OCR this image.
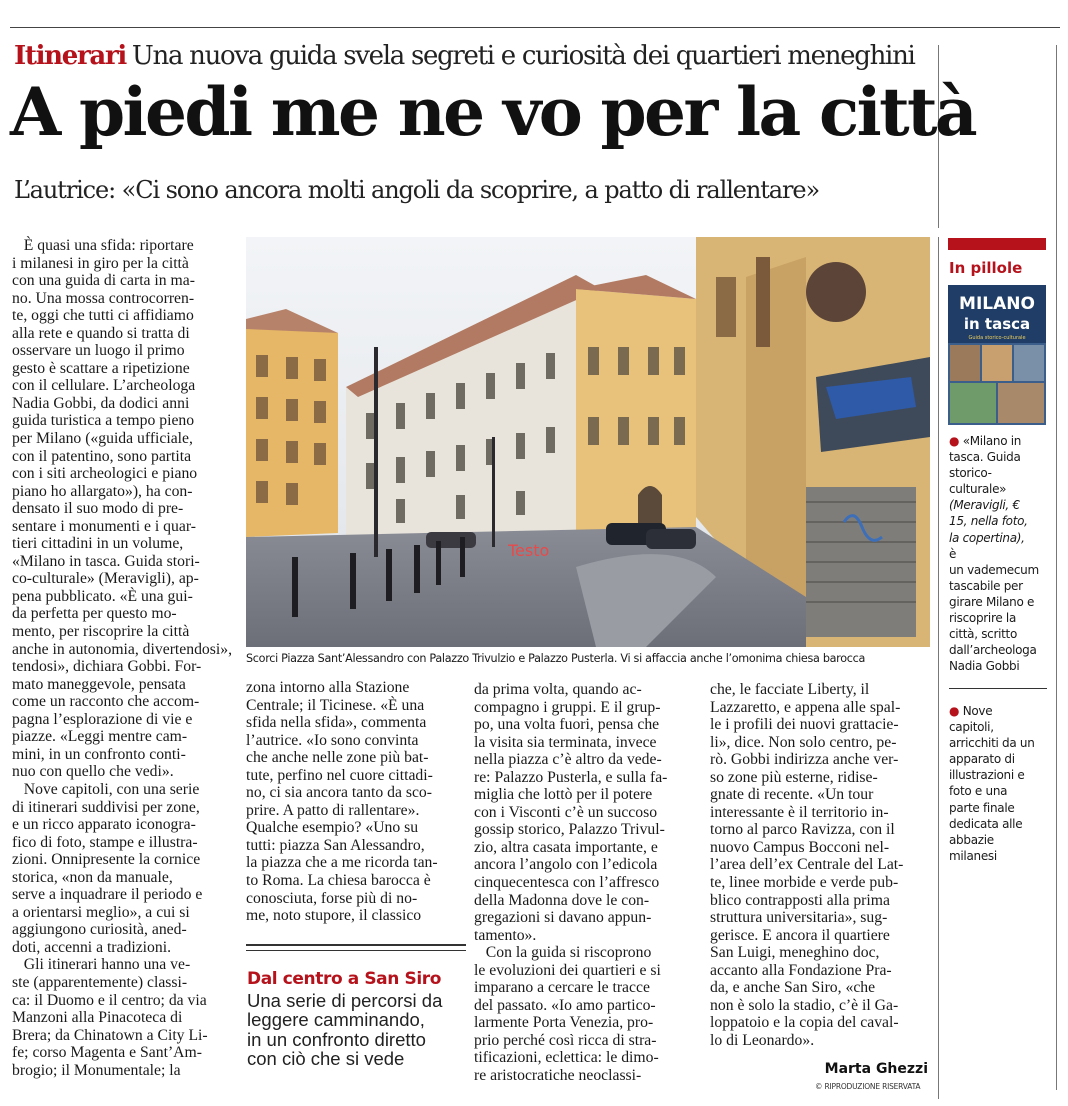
Itinerari Una nuova guida svela segreti e curiosità dei quartieri meneghini
A piedi me ne vo per la città
L’autrice: «Ci sono ancora molti angoli da scoprire, a patto di rallentare»

È quasi una sfida: riportare

i milanesi in giro per la città

con una guida di carta in ma-

no. Una mossa controcorren-

te, oggi che tutti ci affidiamo

alla rete e quando si tratta di

osservare un luogo il primo

gesto è scattare a ripetizione

con il cellulare. L’archeologa

Nadia Gobbi, da dodici anni

guida turistica a tempo pieno

per Milano («guida ufficiale,

con il patentino, sono partita

con i siti archeologici e piano

piano ho allargato»), ha con-

densato il suo modo di pre-

sentare i monumenti e i quar-

tieri cittadini in un volume,

«Milano in tasca. Guida stori-

co-culturale» (Meravigli), ap-

pena pubblicato. «È una gui-

da perfetta per questo mo-

mento, per riscoprire la città

anche in autonomia, divertendosi»,

tendosi», dichiara Gobbi. For-

mato maneggevole, pensata

come un racconto che accom-

pagna l’esplorazione di vie e

piazze. «Leggi mentre cam-

mini, in un confronto conti-

nuo con quello che vedi».

Nove capitoli, con una serie

di itinerari suddivisi per zone,

e un ricco apparato iconogra-

fico di foto, stampe e illustra-

zioni. Onnipresente la cornice

storica, «non da manuale,

serve a inquadrare il periodo e

a orientarsi meglio», a cui si

aggiungono curiosità, aned-

doti, accenni a tradizioni.

Gli itinerari hanno una ve-

ste (apparentemente) classi-

ca: il Duomo e il centro; da via

Manzoni alla Pinacoteca di

Brera; da Chinatown a City Li-

fe; corso Magenta e Sant’Am-

brogio; il Monumentale; la

Testo
Scorci Piazza Sant’Alessandro con Palazzo Trivulzio e Palazzo Pusterla. Vi si affaccia anche l’omonima chiesa barocca

zona intorno alla Stazione

Centrale; il Ticinese. «È una

sfida nella sfida», commenta

l’autrice. «Io sono convinta

che anche nelle zone più bat-

tute, perfino nel cuore cittadi-

no, ci sia ancora tanto da sco-

prire. A patto di rallentare».

Qualche esempio? «Uno su

tutti: piazza San Alessandro,

la piazza che a me ricorda tan-

to Roma. La chiesa barocca è

conosciuta, forse più di no-

me, noto stupore, il classico

da prima volta, quando ac-

compagno i gruppi. E il grup-

po, una volta fuori, pensa che

la visita sia terminata, invece

nella piazza c’è altro da vede-

re: Palazzo Pusterla, e sulla fa-

miglia che lottò per il potere

con i Visconti c’è un succoso

gossip storico, Palazzo Trivul-

zio, altra casata importante, e

ancora l’angolo con l’edicola

cinquecentesca con l’affresco

della Madonna dove le con-

gregazioni si davano appun-

tamento».

Con la guida si riscoprono

le evoluzioni dei quartieri e si

imparano a cercare le tracce

del passato. «Io amo partico-

larmente Porta Venezia, pro-

prio perché così ricca di stra-

tificazioni, eclettica: le dimo-

re aristocratiche neoclassi-

che, le facciate Liberty, il

Lazzaretto, e appena alle spal-

le i profili dei nuovi grattacie-

li», dice. Non solo centro, pe-

rò. Gobbi indirizza anche ver-

so zone più esterne, ridise-

gnate di recente. «Un tour

interessante è il territorio in-

torno al parco Ravizza, con il

nuovo Campus Bocconi nel-

l’area dell’ex Centrale del Lat-

te, linee morbide e verde pub-

blico contrapposti alla prima

struttura universitaria», sug-

gerisce. E ancora il quartiere

San Luigi, meneghino doc,

accanto alla Fondazione Pra-

da, e anche San Siro, «che

non è solo la stadio, c’è il Ga-

loppatoio e la copia del caval-

lo di Leonardo».

Dal centro a San Siro

Una serie di percorsi da

leggere camminando,

in un confronto diretto

con ciò che si vede	Marta Ghezzi
© RIPRODUZIONE RISERVATA
In pillole
MILANO
in tasca
Guida storico-culturale

● «Milano in

tasca. Guida

storico-

culturale»

(Meravigli, €

15, nella foto,

la copertina),

è

un vademecum

tascabile per

girare Milano e

riscoprire la

città, scritto

dall’archeologa

Nadia Gobbi

● Nove

capitoli,

arricchiti da un

apparato di

illustrazioni e

foto e una

parte finale

dedicata alle

abbazie

milanesi
